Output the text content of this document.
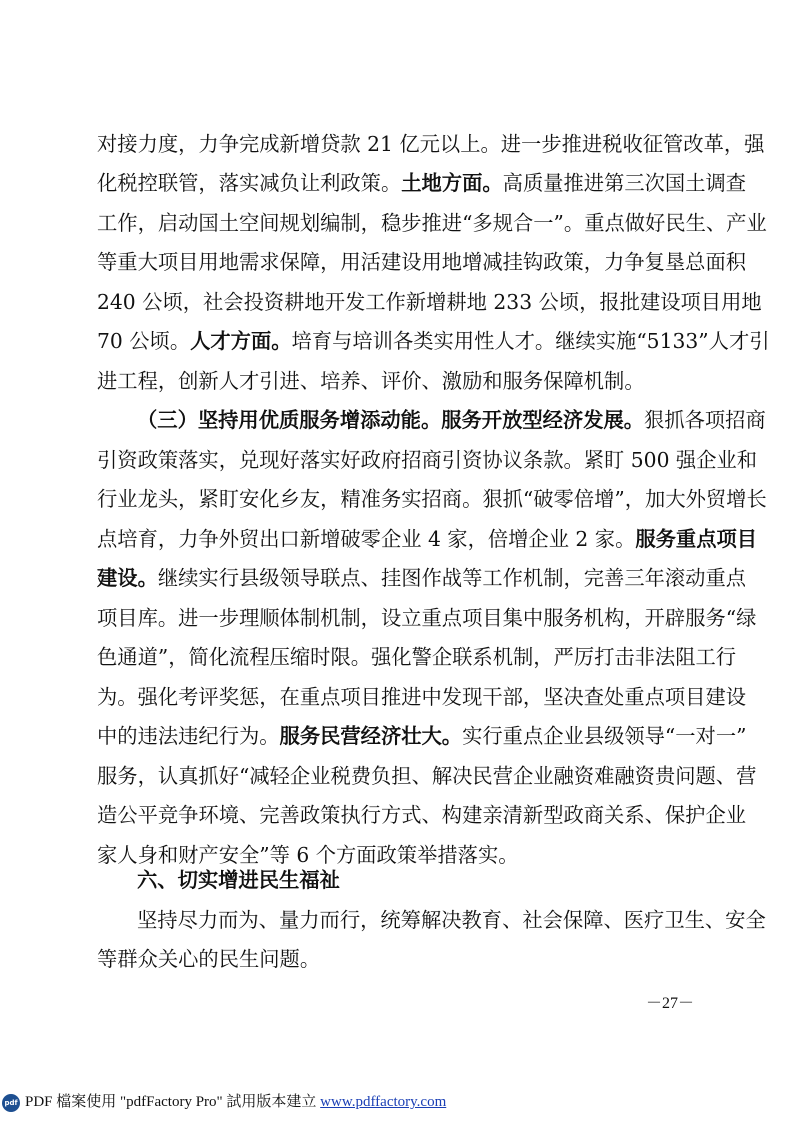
对接力度，力争完成新增贷款 21 亿元以上。进一步推进税收征管改革，强
化税控联管，落实减负让利政策。土地方面。高质量推进第三次国土调查
工作，启动国土空间规划编制，稳步推进“多规合一”。重点做好民生、产业
等重大项目用地需求保障，用活建设用地增减挂钩政策，力争复垦总面积
240 公顷，社会投资耕地开发工作新增耕地 233 公顷，报批建设项目用地
70 公顷。人才方面。培育与培训各类实用性人才。继续实施“5133”人才引
进工程，创新人才引进、培养、评价、激励和服务保障机制。
（三）坚持用优质服务增添动能。服务开放型经济发展。狠抓各项招商
引资政策落实，兑现好落实好政府招商引资协议条款。紧盯 500 强企业和
行业龙头，紧盯安化乡友，精准务实招商。狠抓“破零倍增”，加大外贸增长
点培育，力争外贸出口新增破零企业 4 家，倍增企业 2 家。服务重点项目
建设。继续实行县级领导联点、挂图作战等工作机制，完善三年滚动重点
项目库。进一步理顺体制机制，设立重点项目集中服务机构，开辟服务“绿
色通道”，简化流程压缩时限。强化警企联系机制，严厉打击非法阻工行
为。强化考评奖惩，在重点项目推进中发现干部，坚决查处重点项目建设
中的违法违纪行为。服务民营经济壮大。实行重点企业县级领导“一对一”
服务，认真抓好“减轻企业税费负担、解决民营企业融资难融资贵问题、营
造公平竞争环境、完善政策执行方式、构建亲清新型政商关系、保护企业
家人身和财产安全”等 6 个方面政策举措落实。
六、切实增进民生福祉
坚持尽力而为、量力而行，统筹解决教育、社会保障、医疗卫生、安全
等群众关心的民生问题。
－27－
pdf PDF 檔案使用 "pdfFactory Pro" 試用版本建立 www.pdffactory.com
